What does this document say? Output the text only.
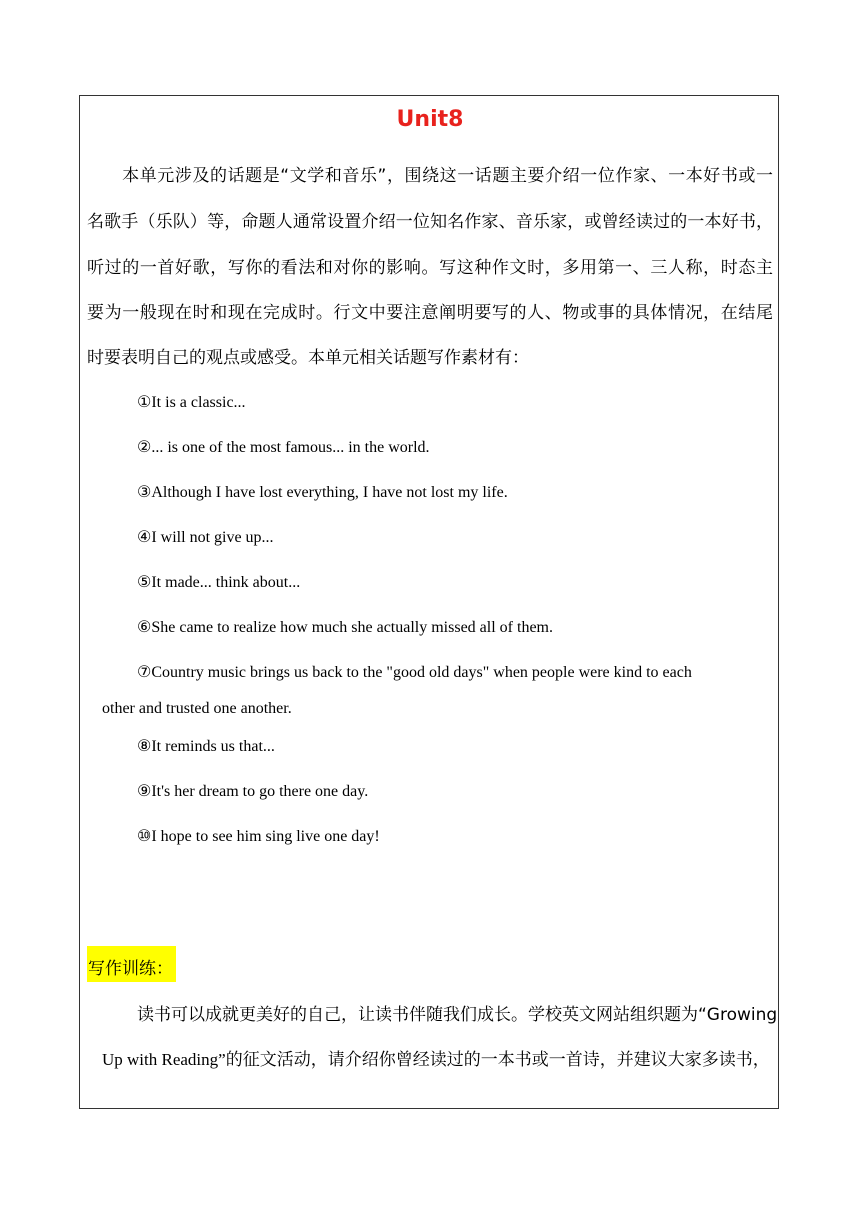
Unit8
　　本单元涉及的话题是“文学和音乐”，围绕这一话题主要介绍一位作家、一本好书或一
名歌手（乐队）等，命题人通常设置介绍一位知名作家、音乐家，或曾经读过的一本好书，
听过的一首好歌，写你的看法和对你的影响。写这种作文时，多用第一、三人称，时态主
要为一般现在时和现在完成时。行文中要注意阐明要写的人、物或事的具体情况，在结尾
时要表明自己的观点或感受。本单元相关话题写作素材有：
①It is a classic...
②... is one of the most famous... in the world.
③Although I have lost everything, I have not lost my life.
④I will not give up...
⑤It made... think about...
⑥She came to realize how much she actually missed all of them.
⑦Country music brings us back to the "good old days" when people were kind to each
other and trusted one another.
⑧It reminds us that...
⑨It's her dream to go there one day.
⑩I hope to see him sing live one day!
写作训练：
读书可以成就更美好的自己，让读书伴随我们成长。学校英文网站组织题为“Growing
Up with Reading”的征文活动，请介绍你曾经读过的一本书或一首诗，并建议大家多读书，
